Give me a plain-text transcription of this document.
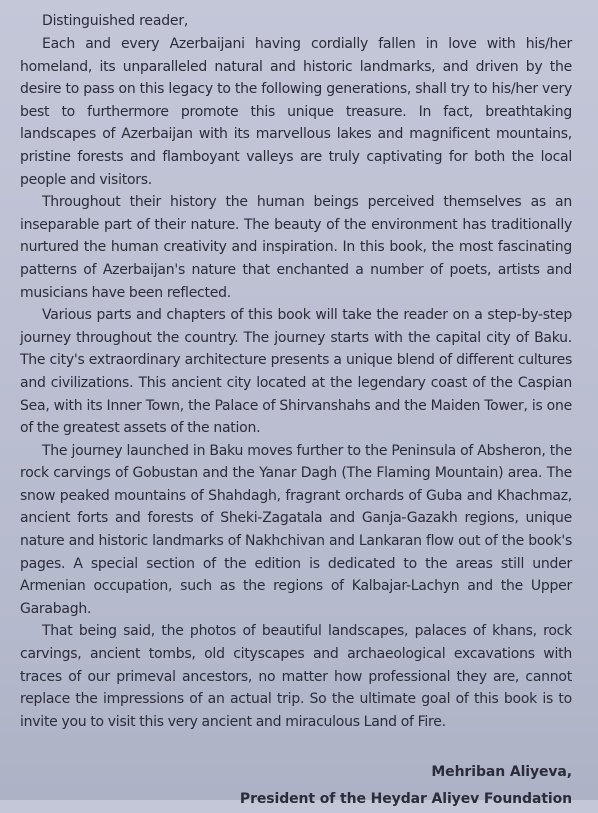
Distinguished reader,

Each and every Azerbaijani having cordially fallen in love with his/her homeland, its unparalleled natural and historic landmarks, and driven by the desire to pass on this legacy to the following generations, shall try to his/her very best to furthermore promote this unique treasure. In fact, breathtaking landscapes of Azerbaijan with its marvellous lakes and magnificent mountains, pristine forests and flamboyant valleys are truly captivating for both the local people and visitors.

Throughout their history the human beings perceived themselves as an inseparable part of their nature. The beauty of the environment has traditionally nurtured the human creativity and inspiration. In this book, the most fascinating patterns of Azerbaijan's nature that enchanted a number of poets, artists and musicians have been reflected.

Various parts and chapters of this book will take the reader on a step-by-step journey throughout the country. The journey starts with the capital city of Baku. The city's extraordinary architecture presents a unique blend of different cultures and civilizations. This ancient city located at the legendary coast of the Caspian Sea, with its Inner Town, the Palace of Shirvanshahs and the Maiden Tower, is one of the greatest assets of the nation.

The journey launched in Baku moves further to the Peninsula of Absheron, the rock carvings of Gobustan and the Yanar Dagh (The Flaming Mountain) area. The snow peaked mountains of Shahdagh, fragrant orchards of Guba and Khachmaz, ancient forts and forests of Sheki-Zagatala and Ganja-Gazakh regions, unique nature and historic landmarks of Nakhchivan and Lankaran flow out of the book's pages. A special section of the edition is dedicated to the areas still under Armenian occupation, such as the regions of Kalbajar-Lachyn and the Upper Garabagh.

That being said, the photos of beautiful landscapes, palaces of khans, rock carvings, ancient tombs, old cityscapes and archaeological excavations with traces of our primeval ancestors, no matter how professional they are, cannot replace the impressions of an actual trip. So the ultimate goal of this book is to invite you to visit this very ancient and miraculous Land of Fire.

Mehriban Aliyeva,
President of the Heydar Aliyev Foundation
